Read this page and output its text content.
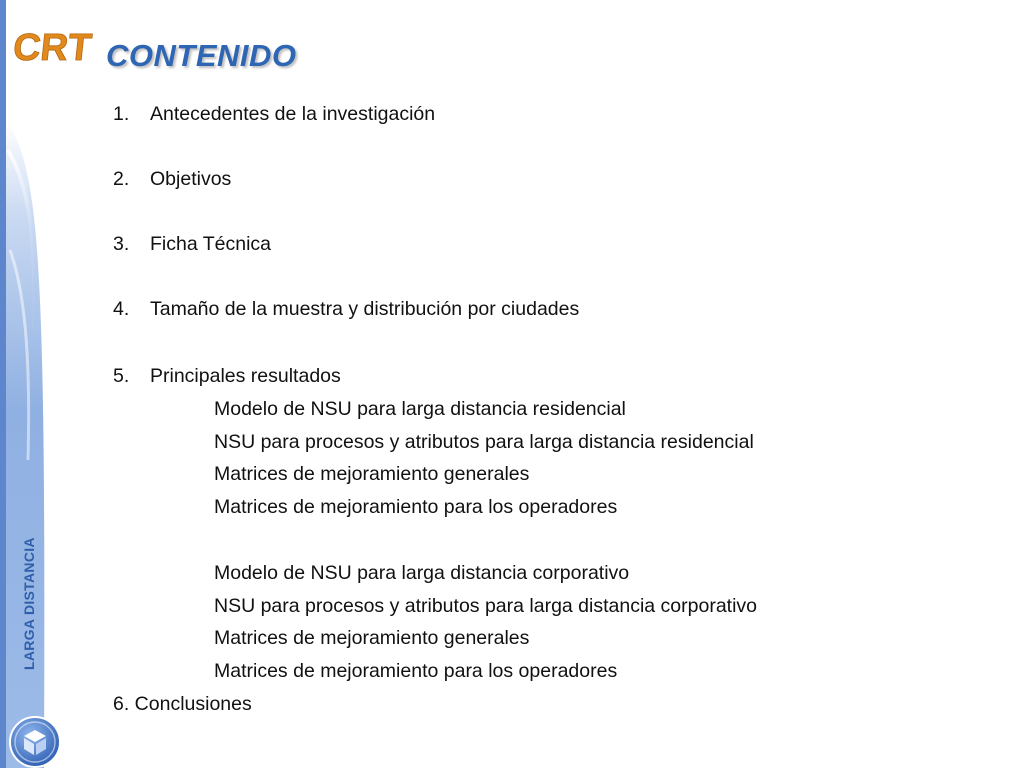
LARGA DISTANCIA
CRT CONTENIDO
1. Antecedentes de la investigación
2. Objetivos
3. Ficha Técnica
4. Tamaño de la muestra y distribución por ciudades
5. Principales resultados
Modelo de NSU para larga distancia residencial
NSU para procesos y atributos para larga distancia residencial
Matrices de mejoramiento generales
Matrices de mejoramiento para los operadores
Modelo de NSU para larga distancia corporativo
NSU para procesos y atributos para larga distancia corporativo
Matrices de mejoramiento generales
Matrices de mejoramiento para los operadores
6. Conclusiones
